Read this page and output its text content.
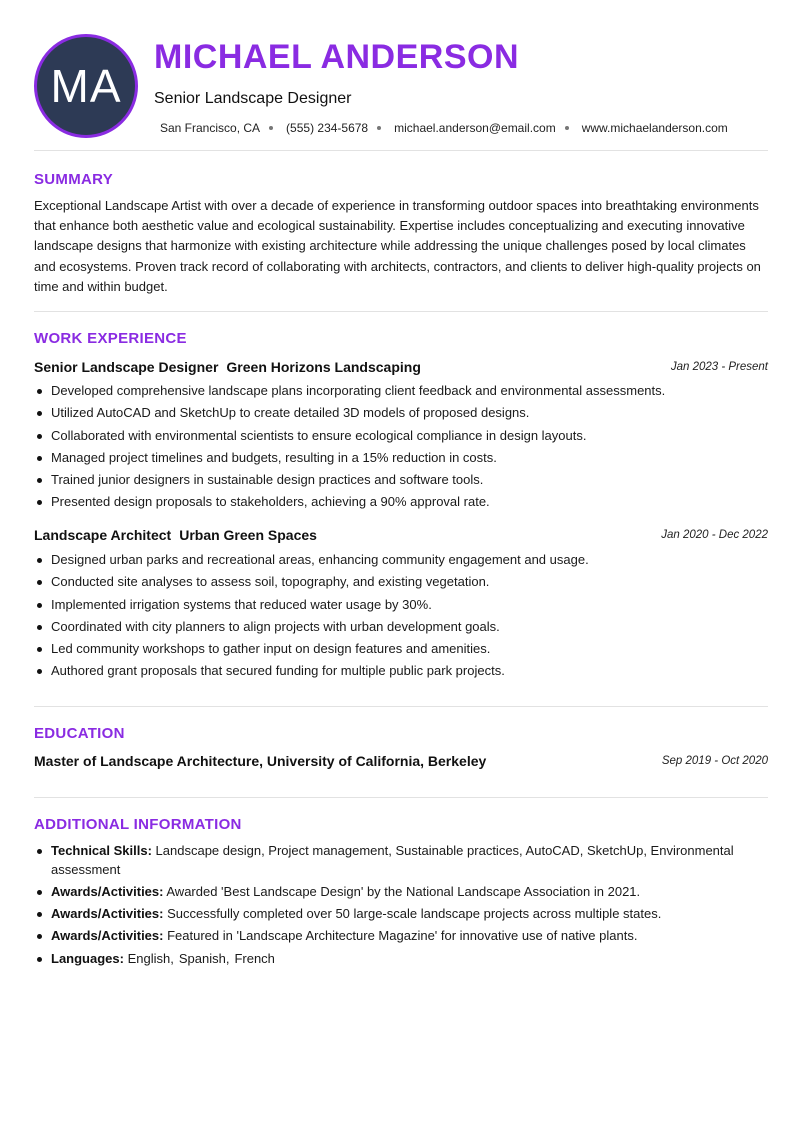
MA
MICHAEL ANDERSON
Senior Landscape Designer
San Francisco, CA (555) 234-5678 michael.anderson@email.com www.michaelanderson.com
SUMMARY
Exceptional Landscape Artist with over a decade of experience in transforming outdoor spaces into breathtaking environments that enhance both aesthetic value and ecological sustainability. Expertise includes conceptualizing and executing innovative landscape designs that harmonize with existing architecture while addressing the unique challenges posed by local climates and ecosystems. Proven track record of collaborating with architects, contractors, and clients to deliver high-quality projects on time and within budget.
WORK EXPERIENCE
Senior Landscape Designer Green Horizons Landscaping	Jan 2023 - Present
Developed comprehensive landscape plans incorporating client feedback and environmental assessments.
Utilized AutoCAD and SketchUp to create detailed 3D models of proposed designs.
Collaborated with environmental scientists to ensure ecological compliance in design layouts.
Managed project timelines and budgets, resulting in a 15% reduction in costs.
Trained junior designers in sustainable design practices and software tools.
Presented design proposals to stakeholders, achieving a 90% approval rate.
Landscape Architect Urban Green Spaces	Jan 2020 - Dec 2022
Designed urban parks and recreational areas, enhancing community engagement and usage.
Conducted site analyses to assess soil, topography, and existing vegetation.
Implemented irrigation systems that reduced water usage by 30%.
Coordinated with city planners to align projects with urban development goals.
Led community workshops to gather input on design features and amenities.
Authored grant proposals that secured funding for multiple public park projects.
EDUCATION
Master of Landscape Architecture, University of California, Berkeley	Sep 2019 - Oct 2020
ADDITIONAL INFORMATION
Technical Skills: Landscape design, Project management, Sustainable practices, AutoCAD, SketchUp, Environmental assessment
Awards/Activities: Awarded 'Best Landscape Design' by the National Landscape Association in 2021.
Awards/Activities: Successfully completed over 50 large-scale landscape projects across multiple states.
Awards/Activities: Featured in 'Landscape Architecture Magazine' for innovative use of native plants.
Languages: English, Spanish, French
